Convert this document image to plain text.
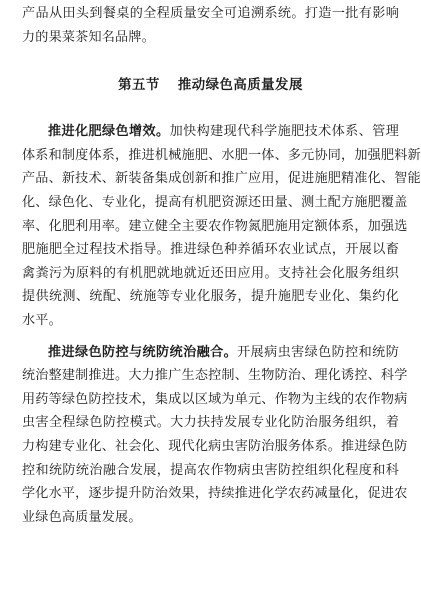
产品从田头到餐桌的全程质量安全可追溯系统。打造一批有影响
力的果菜茶知名品牌。
第五节 推动绿色高质量发展
推进化肥绿色增效。加快构建现代科学施肥技术体系、管理
体系和制度体系，推进机械施肥、水肥一体、多元协同，加强肥料新
产品、新技术、新装备集成创新和推广应用，促进施肥精准化、智能
化、绿色化、专业化，提高有机肥资源还田量、测土配方施肥覆盖
率、化肥利用率。建立健全主要农作物氮肥施用定额体系，加强选
肥施肥全过程技术指导。推进绿色种养循环农业试点，开展以畜
禽粪污为原料的有机肥就地就近还田应用。支持社会化服务组织
提供统测、统配、统施等专业化服务，提升施肥专业化、集约化
水平。
推进绿色防控与统防统治融合。开展病虫害绿色防控和统防
统治整建制推进。大力推广生态控制、生物防治、理化诱控、科学
用药等绿色防控技术，集成以区域为单元、作物为主线的农作物病
虫害全程绿色防控模式。大力扶持发展专业化防治服务组织，着
力构建专业化、社会化、现代化病虫害防治服务体系。推进绿色防
控和统防统治融合发展，提高农作物病虫害防控组织化程度和科
学化水平，逐步提升防治效果，持续推进化学农药减量化，促进农
业绿色高质量发展。
